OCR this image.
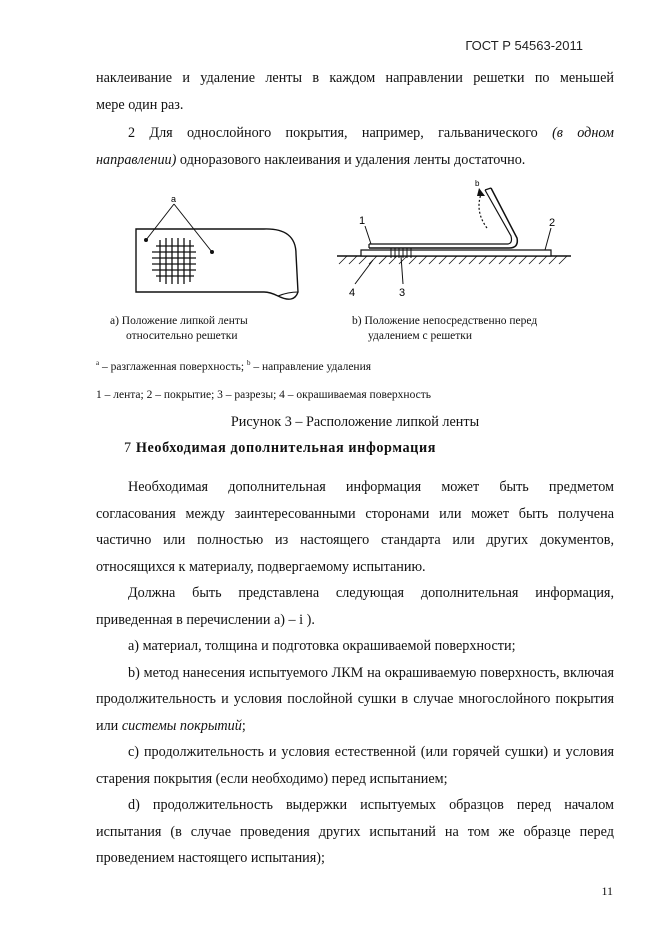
ГОСТ Р 54563-2011

наклеивание и удаление ленты в каждом направлении решетки по меньшей

мере один раз.

2 Для однослойного покрытия, например, гальванического (в одном направлении) одноразового наклеивания и удаления ленты достаточно.

a
1	2
3
4
b
a) Положение липкой ленты
относительно решетки
b) Положение непосредственно перед
удалением с решетки
$^a$ – разглаженная поверхность; $^b$ – направление удаления
1 – лента; 2 – покрытие; 3 – разрезы; 4 – окрашиваемая поверхность
Рисунок 3 – Расположение липкой ленты
7 Необходимая дополнительная информация

Необходимая дополнительная информация может быть предметом согласования между заинтересованными сторонами или может быть получена частично или полностью из настоящего стандарта или других документов, относящихся к материалу, подвергаемому испытанию.

Должна быть представлена следующая дополнительная информация, приведенная в перечислении a) – i ).

a) материал, толщина и подготовка окрашиваемой поверхности;

b) метод нанесения испытуемого ЛКМ на окрашиваемую поверхность, включая продолжительность и условия послойной сушки в случае многослойного покрытия или системы покрытий;

c) продолжительность и условия естественной (или горячей сушки) и условия старения покрытия (если необходимо) перед испытанием;

d) продолжительность выдержки испытуемых образцов перед началом испытания (в случае проведения других испытаний на том же образце перед проведением настоящего испытания);

11
